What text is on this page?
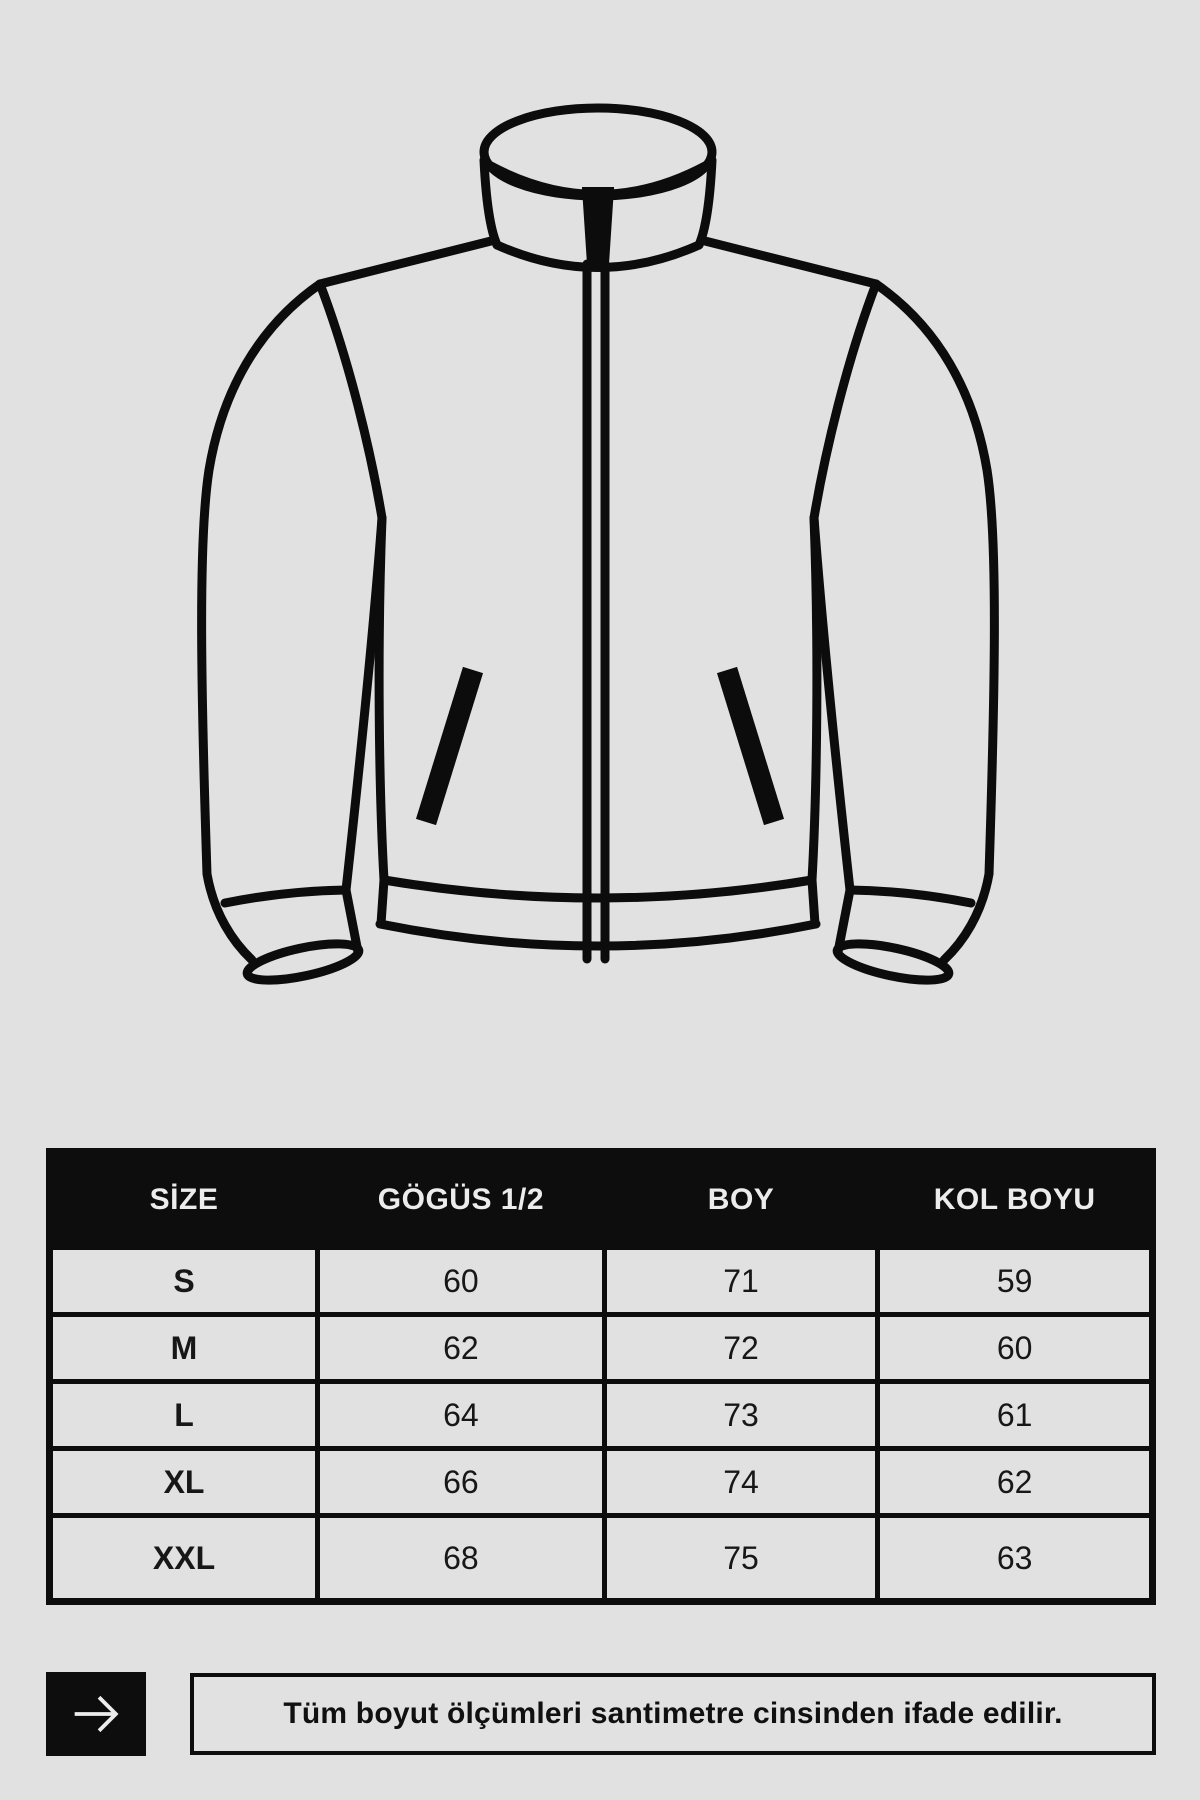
SİZE	GÖGÜS 1/2	BOY	KOL BOYU
S	60	71	59
M	62	72	60
L	64	73	61
XL	66	74	62
XXL	68	75	63
Tüm boyut ölçümleri santimetre cinsinden ifade edilir.
